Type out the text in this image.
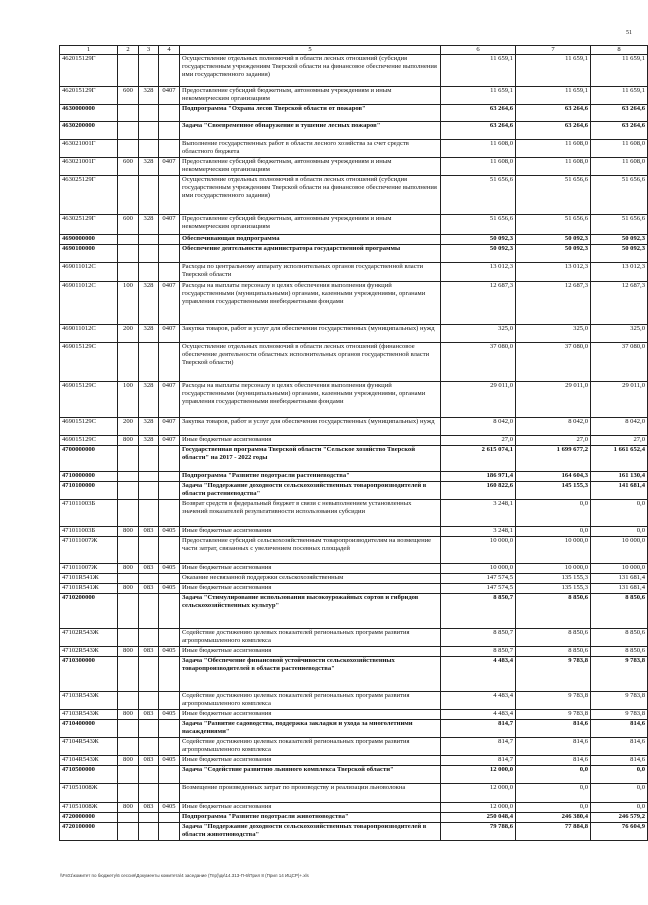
51
1	2	3	4	5	6	7	8
462015129Г				Осуществление отдельных полномочий в области лесных отношений (субсидия государственным учреждениям Тверской области на финансовое обеспечение выполнения ими государственного задания)	11 659,1	11 659,1	11 659,1
462015129Г	600	328	0407	Предоставление субсидий бюджетным, автономным учреждениям и иным некоммерческим организациям	11 659,1	11 659,1	11 659,1
4630000000				Подпрограмма "Охрана лесов Тверской области от пожаров"	63 264,6	63 264,6	63 264,6
4630200000				Задача "Своевременное обнаружение и тушение лесных пожаров"	63 264,6	63 264,6	63 264,6
463021001Г				Выполнение государственных работ в области лесного хозяйства за счет средств областного бюджета	11 608,0	11 608,0	11 608,0
463021001Г	600	328	0407	Предоставление субсидий бюджетным, автономным учреждениям и иным некоммерческим организациям	11 608,0	11 608,0	11 608,0
463025129Г				Осуществление отдельных полномочий в области лесных отношений (субсидия государственным учреждениям Тверской области на финансовое обеспечение выполнения ими государственного задания)	51 656,6	51 656,6	51 656,6
463025129Г	600	328	0407	Предоставление субсидий бюджетным, автономным учреждениям и иным некоммерческим организациям	51 656,6	51 656,6	51 656,6
4690000000				Обеспечивающая подпрограмма	50 092,3	50 092,3	50 092,3
4690100000				Обеспечение деятельности администратора государственной программы	50 092,3	50 092,3	50 092,3
469011012С				Расходы по центральному аппарату исполнительных органов государственной власти Тверской области	13 012,3	13 012,3	13 012,3
469011012С	100	328	0407	Расходы на выплаты персоналу в целях обеспечения выполнения функций государственными (муниципальными) органами, казенными учреждениями, органами управления государственными внебюджетными фондами	12 687,3	12 687,3	12 687,3
469011012С	200	328	0407	Закупка товаров, работ и услуг для обеспечения государственных (муниципальных) нужд	325,0	325,0	325,0
469015129С				Осуществление отдельных полномочий в области лесных отношений (финансовое обеспечение деятельности областных исполнительных органов государственной власти Тверской области)	37 080,0	37 080,0	37 080,0
469015129С	100	328	0407	Расходы на выплаты персоналу в целях обеспечения выполнения функций государственными (муниципальными) органами, казенными учреждениями, органами управления государственными внебюджетными фондами	29 011,0	29 011,0	29 011,0
469015129С	200	328	0407	Закупка товаров, работ и услуг для обеспечения государственных (муниципальных) нужд	8 042,0	8 042,0	8 042,0
469015129С	800	328	0407	Иные бюджетные ассигнования	27,0	27,0	27,0
4700000000				Государственная программа Тверской области "Сельское хозяйство Тверской области" на 2017 - 2022 годы	2 615 074,1	1 699 677,2	1 661 652,4
4710000000				Подпрограмма "Развитие подотрасли растениеводства"	186 971,4	164 604,3	161 130,4
4710100000				Задача "Поддержание доходности сельскохозяйственных товаропроизводителей в области растениеводства"	160 822,6	145 155,3	141 681,4
471011003Б				Возврат средств в федеральный бюджет в связи с невыполнением установленных значений показателей результативности использования субсидии	3 248,1	0,0	0,0
471011003Б	800	083	0405	Иные бюджетные ассигнования	3 248,1	0,0	0,0
471011007Ж				Предоставление субсидий сельскохозяйственным товаропроизводителям на возмещение части затрат, связанных с увеличением посевных площадей	10 000,0	10 000,0	10 000,0
471011007Ж	800	083	0405	Иные бюджетные ассигнования	10 000,0	10 000,0	10 000,0
47101R541Ж				Оказание несвязанной поддержки сельскохозяйственным	147 574,5	135 155,3	131 681,4
47101R541Ж	800	083	0405	Иные бюджетные ассигнования	147 574,5	135 155,3	131 681,4
4710200000				Задача "Стимулирование использования высокоурожайных сортов и гибридов сельскохозяйственных культур"	8 850,7	8 850,6	8 850,6
47102R543Ж				Содействие достижению целевых показателей региональных программ развития агропромышленного комплекса	8 850,7	8 850,6	8 850,6
47102R543Ж	800	083	0405	Иные бюджетные ассигнования	8 850,7	8 850,6	8 850,6
4710300000				Задача "Обеспечение финансовой устойчивости сельскохозяйственных товаропроизводителей в области растениеводства"	4 483,4	9 783,8	9 783,8
47103R543Ж				Содействие достижению целевых показателей региональных программ развития агропромышленного комплекса	4 483,4	9 783,8	9 783,8
47103R543Ж	800	083	0405	Иные бюджетные ассигнования	4 483,4	9 783,8	9 783,8
4710400000				Задача "Развитие садоводства, поддержка закладки и ухода за многолетними насаждениями"	814,7	814,6	814,6
47104R543Ж				Содействие достижению целевых показателей региональных программ развития агропромышленного комплекса	814,7	814,6	814,6
47104R543Ж	800	083	0405	Иные бюджетные ассигнования	814,7	814,6	814,6
4710500000				Задача "Содействие развитию льняного комплекса Тверской области"	12 000,0	0,0	0,0
471051008Ж				Возмещение произведенных затрат по производству и реализации льноволокна	12 000,0	0,0	0,0
471051008Ж	800	083	0405	Иные бюджетные ассигнования	12 000,0	0,0	0,0
4720000000				Подпрограмма "Развитие подотрасли животноводства"	250 048,4	246 380,4	246 579,2
4720100000				Задача "Поддержание доходности сельскохозяйственных товаропроизводителей в области животноводства"	79 788,6	77 884,8	76 604,9
\\Fs01\комитет по бюджету\6 сессия\Документы комитета\4 заседание (Тпр)\дк\14.313-П-6\Прил 8 (Прил 14 ИЦСР)+.xls
